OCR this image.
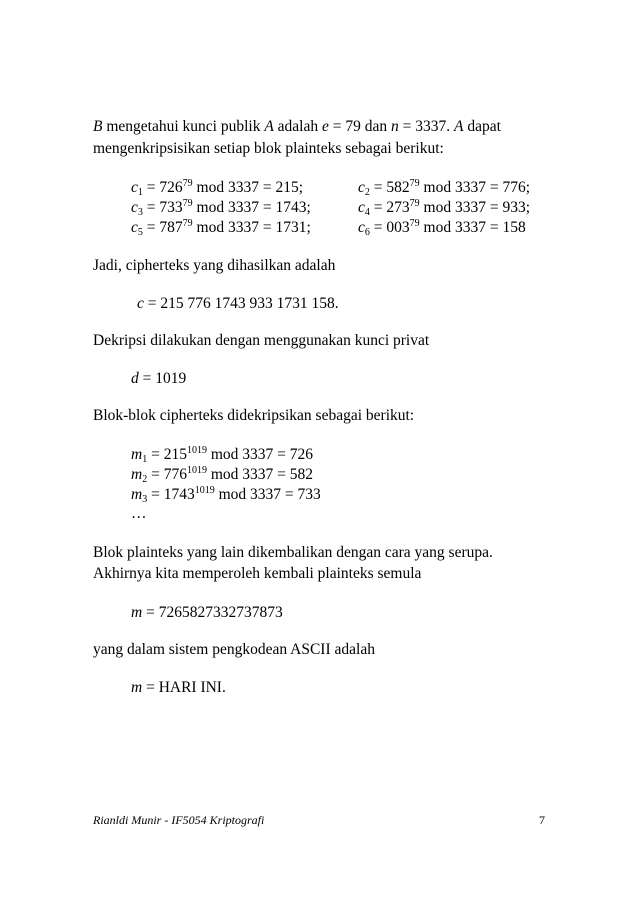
B mengetahui kunci publik A adalah e = 79 dan n = 3337. A dapat
mengenkripsisikan setiap blok plainteks sebagai berikut:
$c_1 = 726^{79}$ mod 3337 = 215;	$c_2 = 582^{79}$ mod 3337 = 776;
$c_3 = 733^{79}$ mod 3337 = 1743;	$c_4 = 273^{79}$ mod 3337 = 933;
$c_5 = 787^{79}$ mod 3337 = 1731;	$c_6 = 003^{79}$ mod 3337 = 158
Jadi, cipherteks yang dihasilkan adalah
c = 215 776 1743 933 1731 158.
Dekripsi dilakukan dengan menggunakan kunci privat
d = 1019
Blok-blok cipherteks didekripsikan sebagai berikut:
$m_1 = 215^{1019}$ mod 3337 = 726
$m_2 = 776^{1019}$ mod 3337 = 582
$m_3 = 1743^{1019}$ mod 3337 = 733
…
Blok plainteks yang lain dikembalikan dengan cara yang serupa.
Akhirnya kita memperoleh kembali plainteks semula
m = 7265827332737873
yang dalam sistem pengkodean ASCII adalah
m = HARI INI.
Rianldi Munir - IF5054 Kriptografi	7
